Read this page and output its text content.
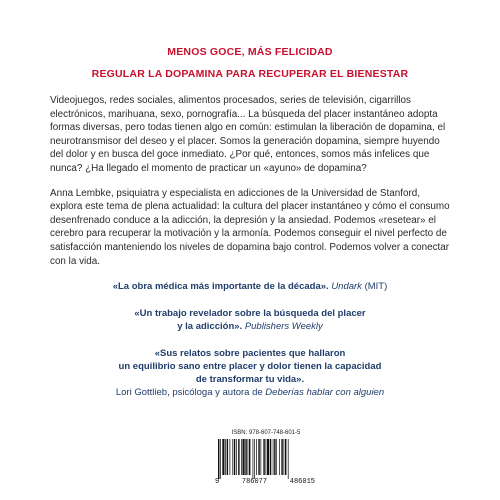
MENOS GOCE, MÁS FELICIDAD
REGULAR LA DOPAMINA PARA RECUPERAR EL BIENESTAR

Videojuegos, redes sociales, alimentos procesados, series de televisión, cigarrillos electrónicos, marihuana, sexo, pornografía... La búsqueda del placer instantáneo adopta formas diversas, pero todas tienen algo en común: estimulan la liberación de dopamina, el neurotransmisor del deseo y el placer. Somos la generación dopamina, siempre huyendo del dolor y en busca del goce inmediato. ¿Por qué, entonces, somos más infelices que nunca? ¿Ha llegado el momento de practicar un «ayuno» de dopamina?

Anna Lembke, psiquiatra y especialista en adicciones de la Universidad de Stanford, explora este tema de plena actualidad: la cultura del placer instantáneo y cómo el consumo desenfrenado conduce a la adicción, la depresión y la ansiedad. Podemos «resetear» el cerebro para recuperar la motivación y la armonía. Podemos conseguir el nivel perfecto de satisfacción manteniendo los niveles de dopamina bajo control. Podemos volver a conectar con la vida.

«La obra médica más importante de la década». Undark (MIT)
«Un trabajo revelador sobre la búsqueda del placer
y la adicción». Publishers Weekly
«Sus relatos sobre pacientes que hallaron
un equilibrio sano entre placer y dolor tienen la capacidad
de transformar tu vida».
Lori Gottlieb, psicóloga y autora de Deberías hablar con alguien
ISBN: 978-607-748-601-5
9	786077	486015
